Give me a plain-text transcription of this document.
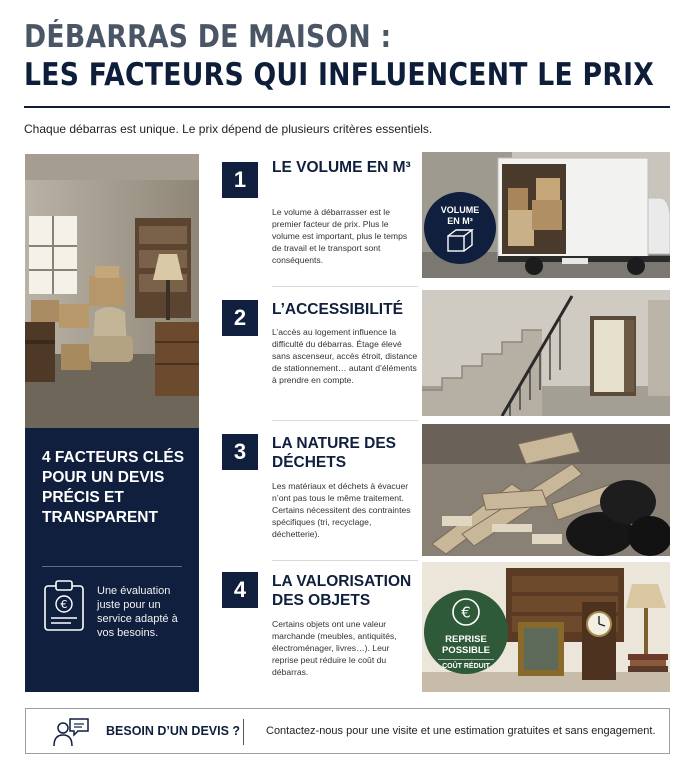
DÉBARRAS DE MAISON :
LES FACTEURS QUI INFLUENCENT LE PRIX
Chaque débarras est unique. Le prix dépend de plusieurs critères essentiels.
4 FACTEURS CLÉS POUR UN DEVIS PRÉCIS ET TRANSPARENT
€
Une évaluation juste pour un service adapté à vos besoins.
1	LE VOLUME EN M³
Le volume à débarrasser est le premier facteur de prix. Plus le volume est important, plus le temps de travail et le transport sont conséquents.
VOLUME EN M³
2	L’ACCESSIBILITÉ
L’accès au logement influence la difficulté du débarras. Étage élevé sans ascenseur, accès étroit, distance de stationnement… autant d’éléments à prendre en compte.
3	LA NATURE DES DÉCHETS
Les matériaux et déchets à évacuer n’ont pas tous le même traitement. Certains nécessitent des contraintes spécifiques (tri, recyclage, déchetterie).
4	LA VALORISATION DES OBJETS
Certains objets ont une valeur marchande (meubles, antiquités, électroménager, livres…). Leur reprise peut réduire le coût du débarras.
€
REPRISE
POSSIBLE
COÛT RÉDUIT
BESOIN D’UN DEVIS ? Contactez-nous pour une visite et une estimation gratuites et sans engagement.
